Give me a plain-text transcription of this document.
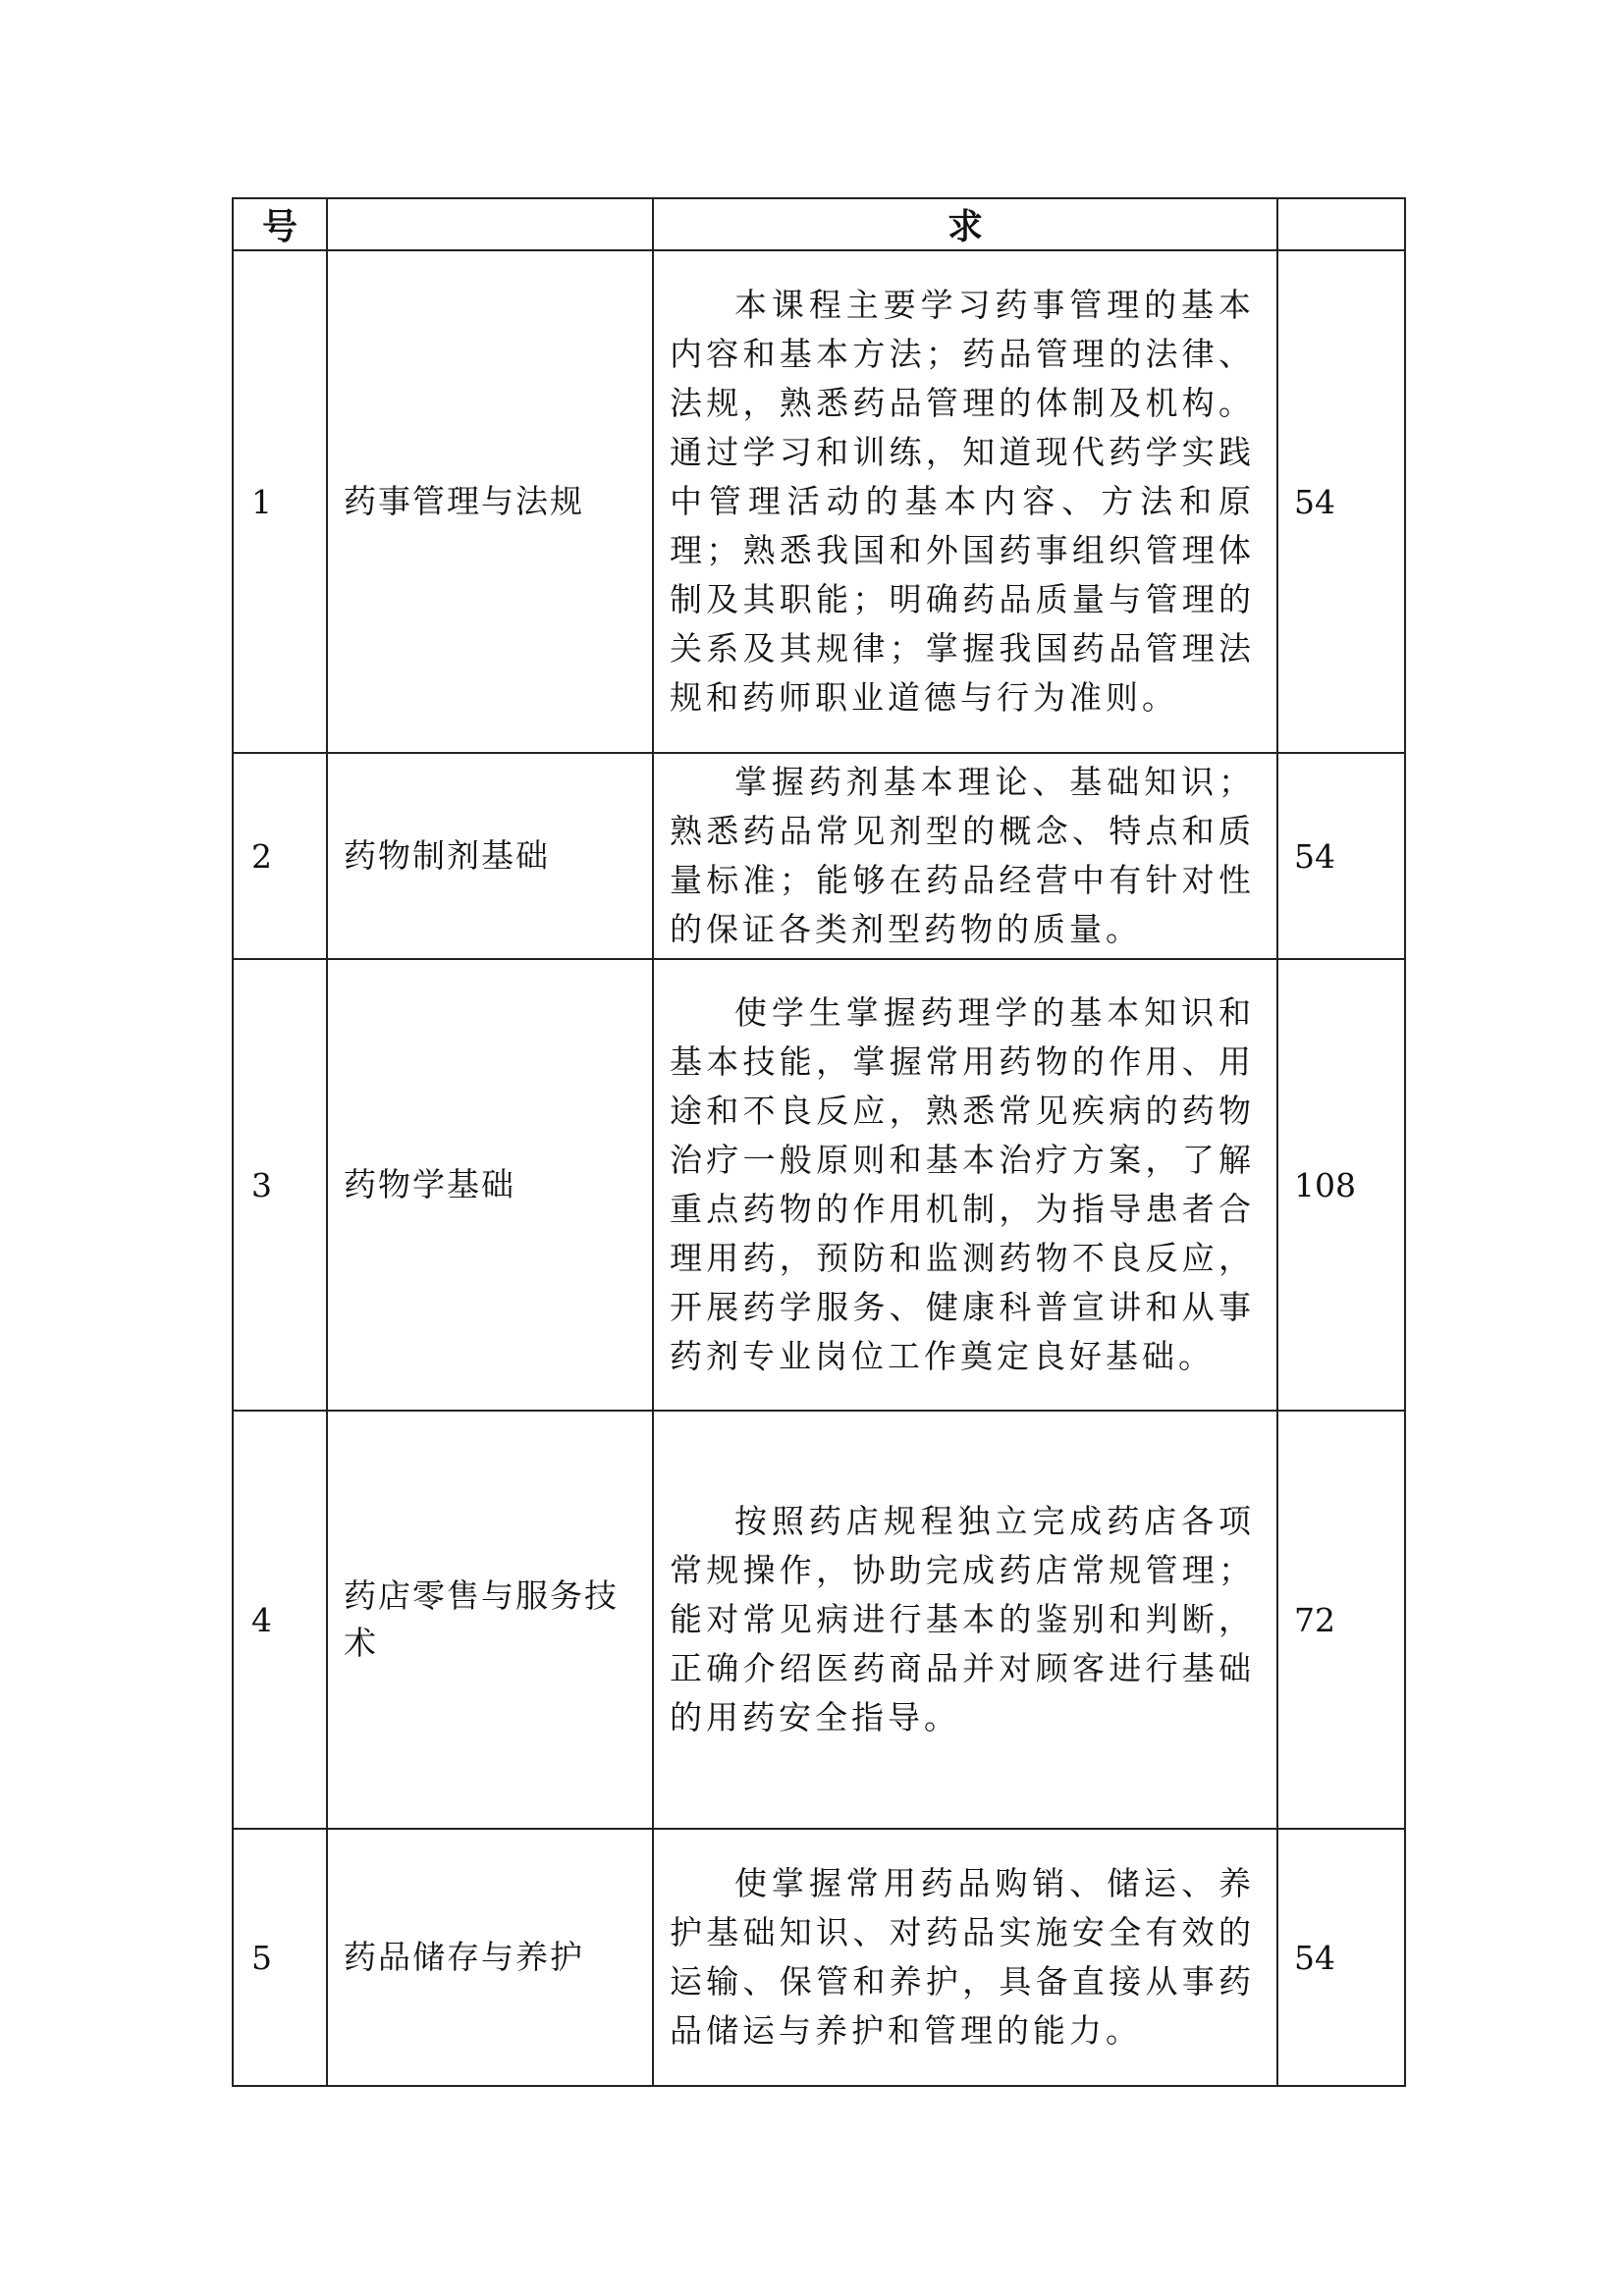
号		求	
1	药事管理与法规	本课程主要学习药事管理的基本内容和基本方法；药品管理的法律、法规，熟悉药品管理的体制及机构。通过学习和训练，知道现代药学实践中管理活动的基本内容、方法和原理；熟悉我国和外国药事组织管理体制及其职能；明确药品质量与管理的关系及其规律；掌握我国药品管理法规和药师职业道德与行为准则。	54
2	药物制剂基础	掌握药剂基本理论、基础知识；熟悉药品常见剂型的概念、特点和质量标准；能够在药品经营中有针对性的保证各类剂型药物的质量。	54
3	药物学基础	使学生掌握药理学的基本知识和基本技能，掌握常用药物的作用、用途和不良反应，熟悉常见疾病的药物治疗一般原则和基本治疗方案，了解重点药物的作用机制，为指导患者合理用药，预防和监测药物不良反应，开展药学服务、健康科普宣讲和从事药剂专业岗位工作奠定良好基础。	108
4	药店零售与服务技术	按照药店规程独立完成药店各项常规操作，协助完成药店常规管理；能对常见病进行基本的鉴别和判断，正确介绍医药商品并对顾客进行基础的用药安全指导。	72
5	药品储存与养护	使掌握常用药品购销、储运、养护基础知识、对药品实施安全有效的运输、保管和养护，具备直接从事药品储运与养护和管理的能力。	54
